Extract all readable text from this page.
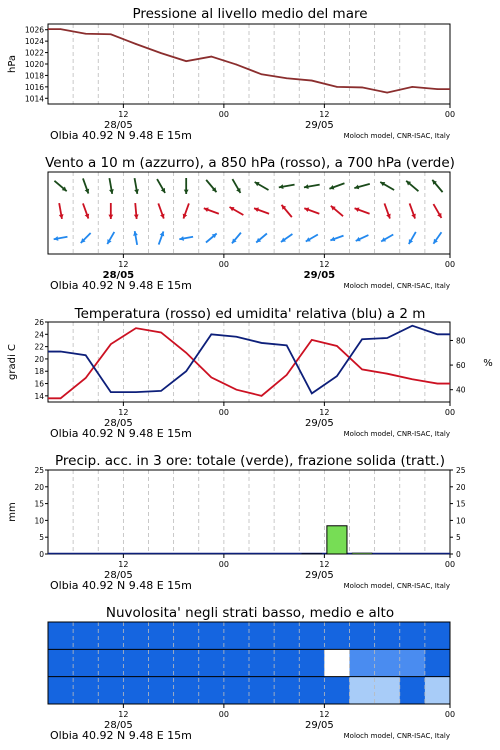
Pressione al livello medio del mare
12	00	12	00
28/05	29/05
Olbia 40.92 N 9.48 E 15m	Moloch model, CNR-ISAC, Italy
1014
1016
1018
1020
1022
1024
1026
hPa
Vento a 10 m (azzurro), a 850 hPa (rosso), a 700 hPa (verde)
12	00	12	00
28/05	29/05
Olbia 40.92 N 9.48 E 15m	Moloch model, CNR-ISAC, Italy
Temperatura (rosso) ed umidita' relativa (blu) a 2 m
12	00	12	00
28/05	29/05
Olbia 40.92 N 9.48 E 15m	Moloch model, CNR-ISAC, Italy
14
16
18
20
22
24
26
gradi C
40
60
80
%
Precip. acc. in 3 ore: totale (verde), frazione solida (tratt.)
12	00	12	00
28/05	29/05
Olbia 40.92 N 9.48 E 15m	Moloch model, CNR-ISAC, Italy
0
5
10
15
20
25
mm
0
5
10
15
20
25
Nuvolosita' negli strati basso, medio e alto
12	00	12	00
28/05	29/05
Olbia 40.92 N 9.48 E 15m	Moloch model, CNR-ISAC, Italy
